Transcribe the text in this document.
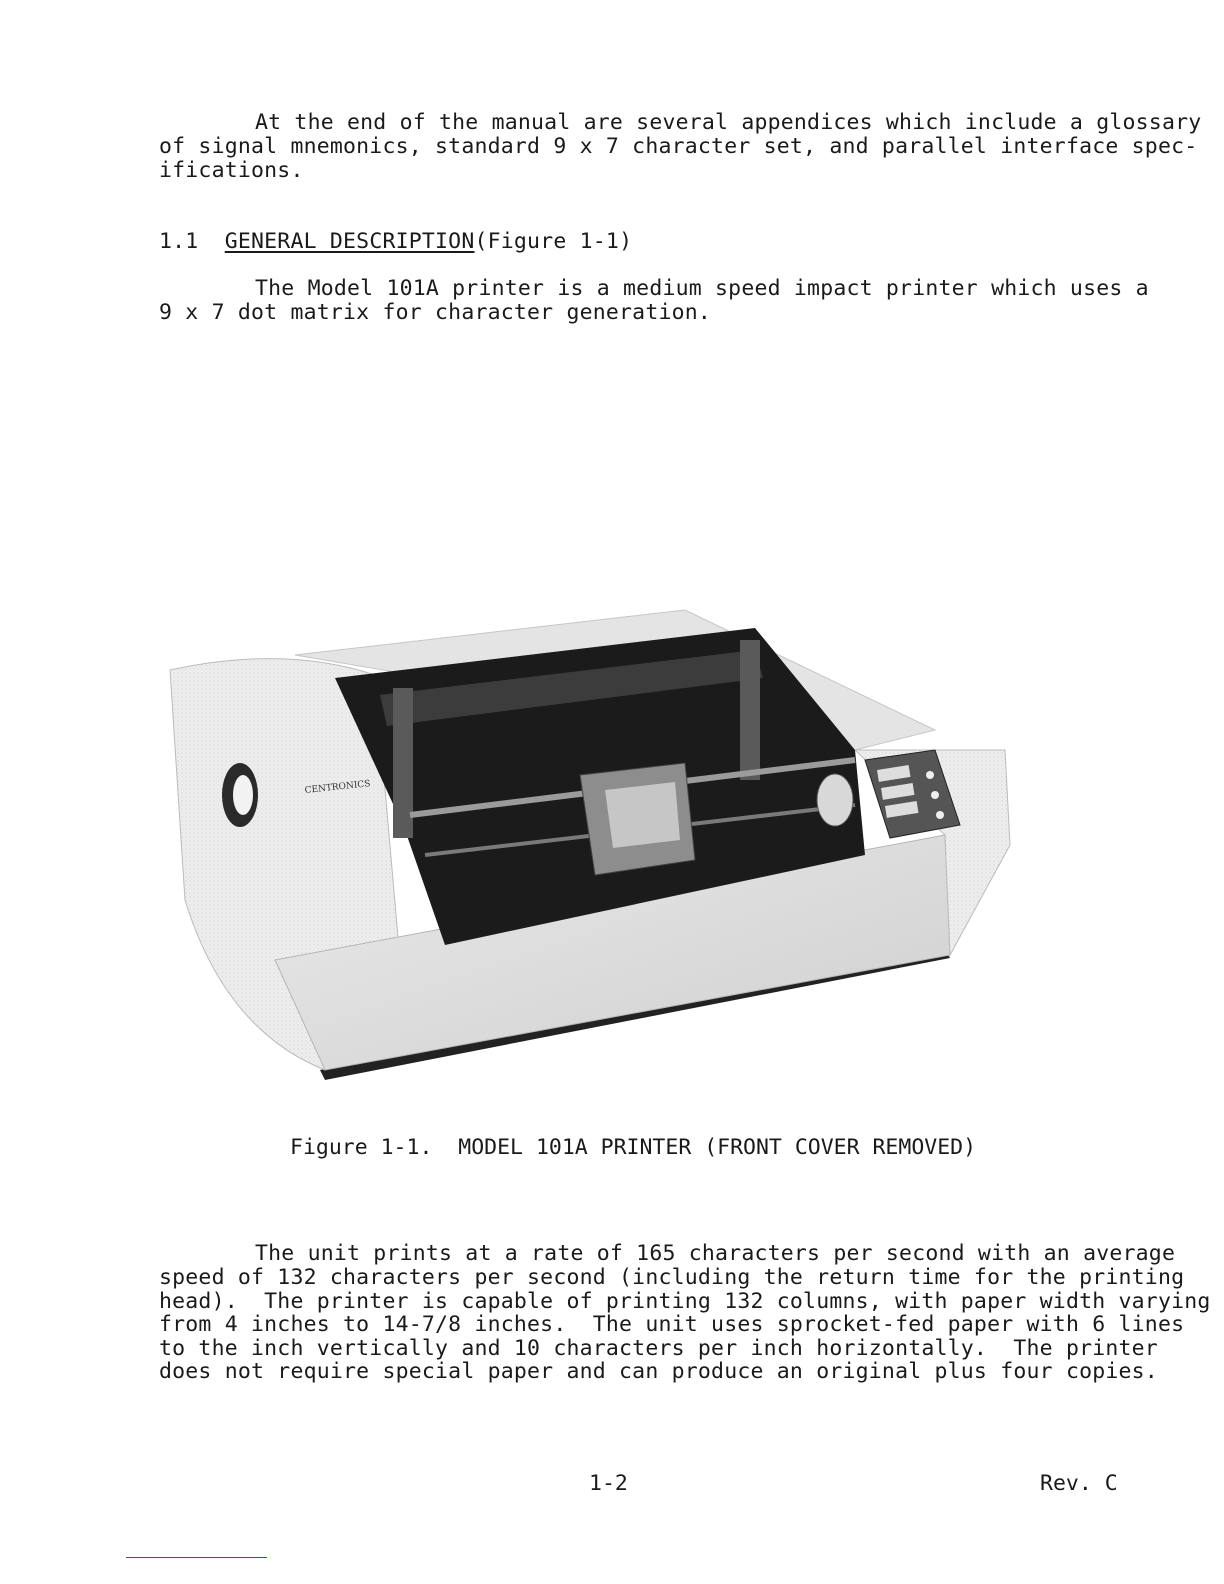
At the end of the manual are several appendices which include a glossary

of signal mnemonics, standard 9 x 7 character set, and parallel interface spec-

ifications.

1.1 GENERAL DESCRIPTION(Figure 1-1)

The Model 101A printer is a medium speed impact printer which uses a

9 x 7 dot matrix for character generation.

CENTRONICS

Figure 1-1.  MODEL 101A PRINTER (FRONT COVER REMOVED)

The unit prints at a rate of 165 characters per second with an average

speed of 132 characters per second (including the return time for the printing

head).  The printer is capable of printing 132 columns, with paper width varying

from 4 inches to 14-7/8 inches.  The unit uses sprocket-fed paper with 6 lines

to the inch vertically and 10 characters per inch horizontally.  The printer

does not require special paper and can produce an original plus four copies.

1-2	Rev. C
